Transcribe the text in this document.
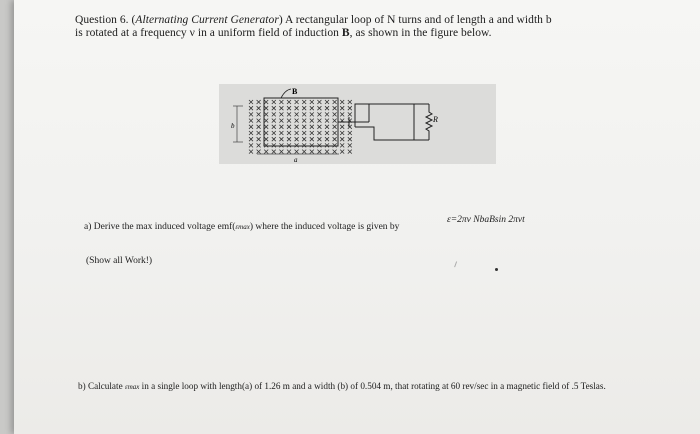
Question 6. (Alternating Current Generator) A rectangular loop of N turns and of length a and width b is rotated at a frequency ν in a uniform field of induction B, as shown in the figure below.
b
a
B
R
a) Derive the max induced voltage emf(εmax) where the induced voltage is given by
ε=2πν NbaBsin 2πνt
(Show all Work!)
b) Calculate εmax in a single loop with length(a) of 1.26 m and a width (b) of 0.504 m, that rotating at 60 rev/sec in a magnetic field of .5 Teslas.
